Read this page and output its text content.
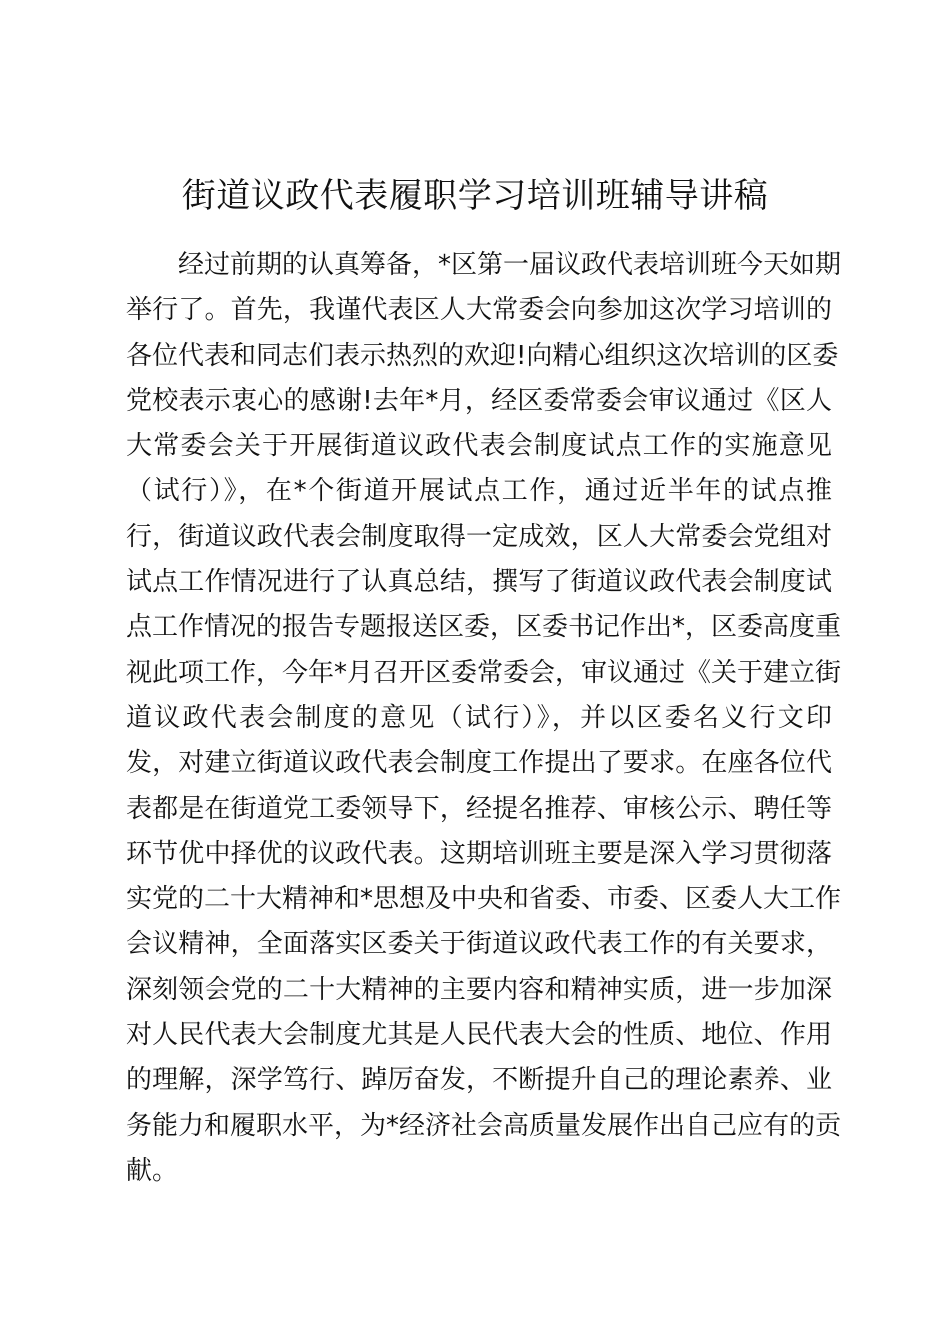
街道议政代表履职学习培训班辅导讲稿
经过前期的认真筹备，*区第一届议政代表培训班今天如期
举行了。首先，我谨代表区人大常委会向参加这次学习培训的
各位代表和同志们表示热烈的欢迎!向精心组织这次培训的区委
党校表示衷心的感谢!去年*月，经区委常委会审议通过《区人
大常委会关于开展街道议政代表会制度试点工作的实施意见
（试行）》，在*个街道开展试点工作，通过近半年的试点推
行，街道议政代表会制度取得一定成效，区人大常委会党组对
试点工作情况进行了认真总结，撰写了街道议政代表会制度试
点工作情况的报告专题报送区委，区委书记作出*，区委高度重
视此项工作，今年*月召开区委常委会，审议通过《关于建立街
道议政代表会制度的意见（试行）》，并以区委名义行文印
发，对建立街道议政代表会制度工作提出了要求。在座各位代
表都是在街道党工委领导下，经提名推荐、审核公示、聘任等
环节优中择优的议政代表。这期培训班主要是深入学习贯彻落
实党的二十大精神和*思想及中央和省委、市委、区委人大工作
会议精神，全面落实区委关于街道议政代表工作的有关要求，
深刻领会党的二十大精神的主要内容和精神实质，进一步加深
对人民代表大会制度尤其是人民代表大会的性质、地位、作用
的理解，深学笃行、踔厉奋发，不断提升自己的理论素养、业
务能力和履职水平，为*经济社会高质量发展作出自己应有的贡
献。
